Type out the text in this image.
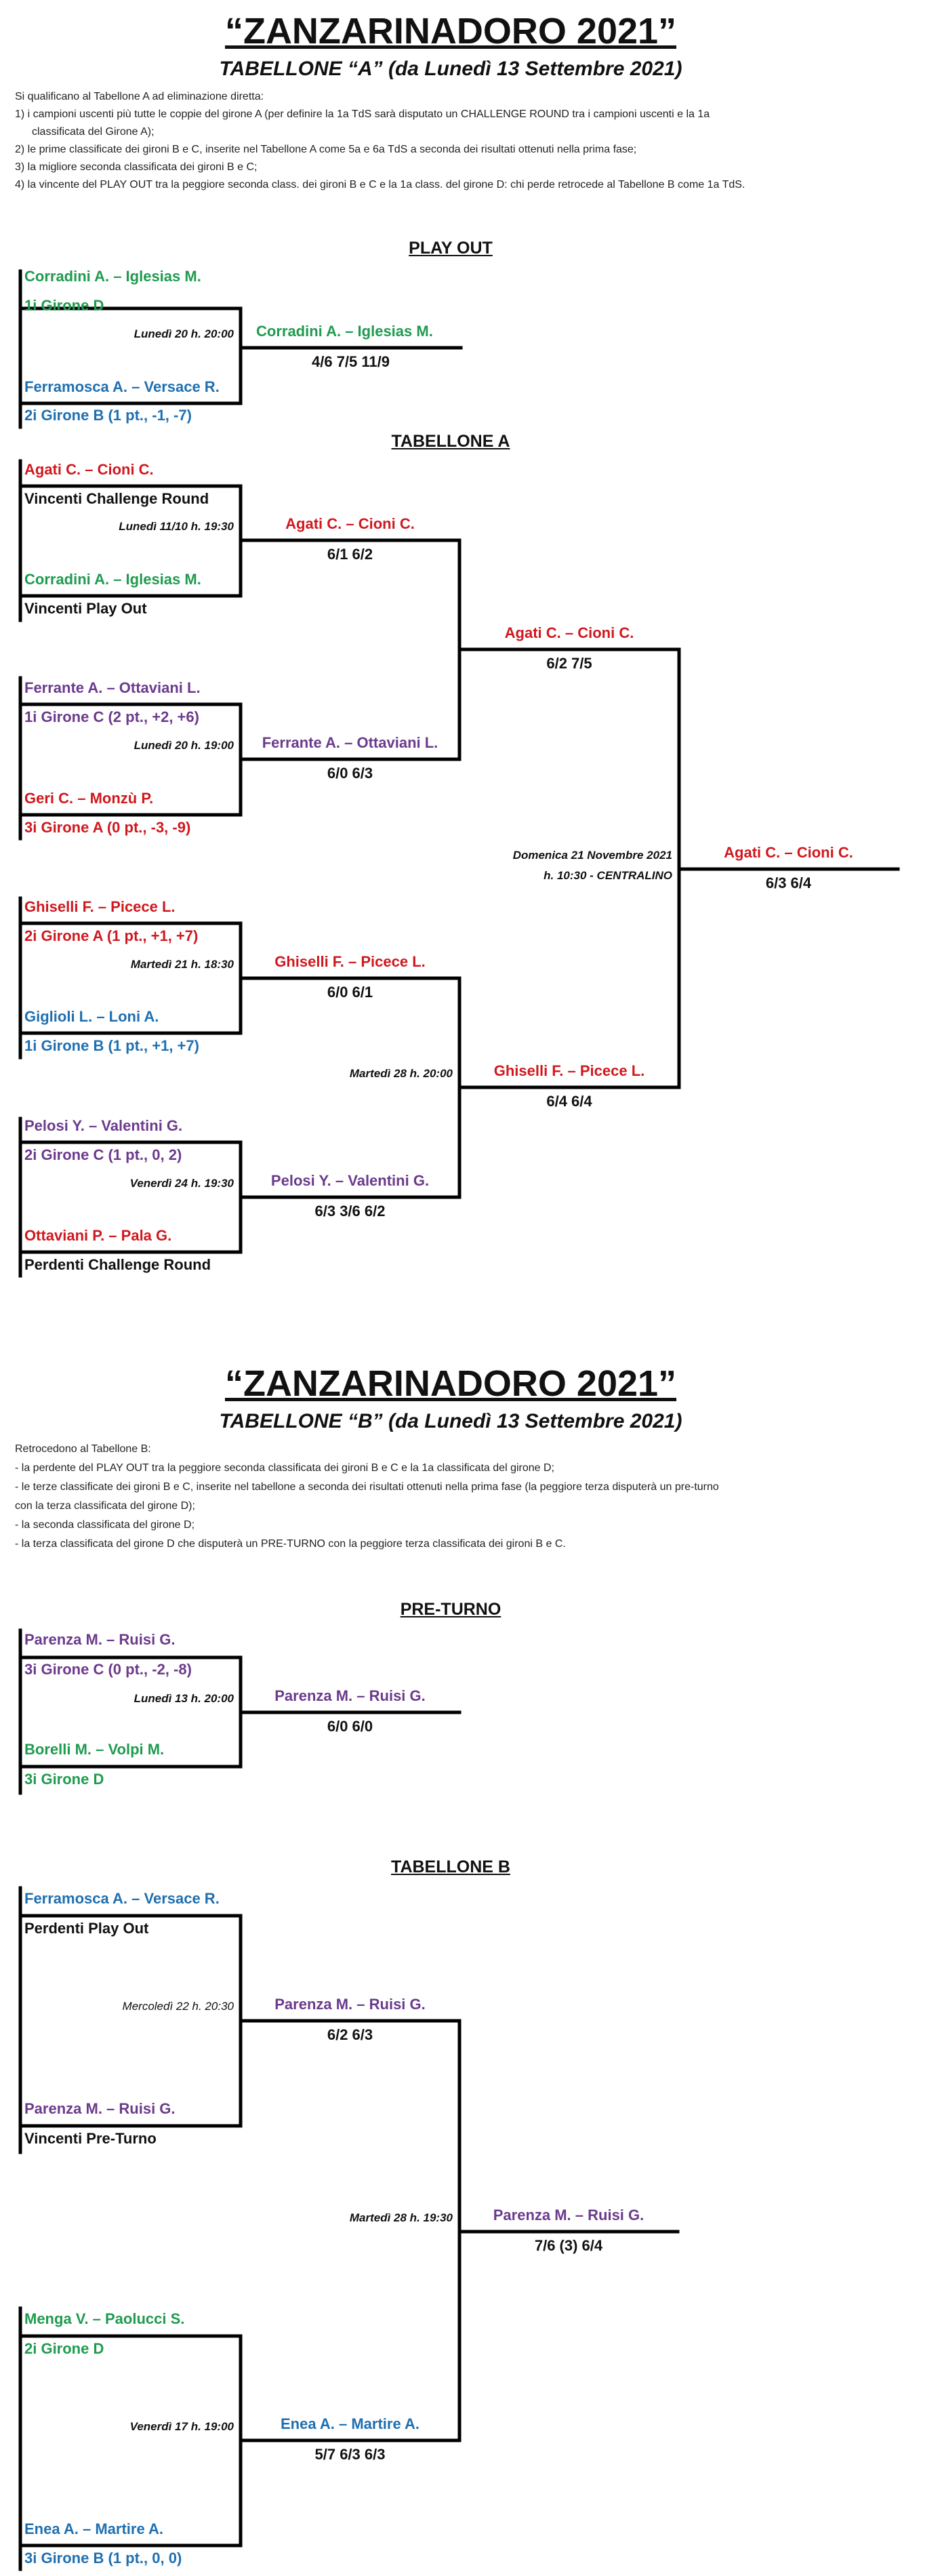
“ZANZARINADORO 2021”
TABELLONE “A” (da Lunedì 13 Settembre 2021)
Si qualificano al Tabellone A ad eliminazione diretta:
1) i campioni uscenti più tutte le coppie del girone A (per definire la 1a TdS sarà disputato un CHALLENGE ROUND tra i campioni uscenti e la 1a
classificata del Girone A);
2) le prime classificate dei gironi B e C, inserite nel Tabellone A come 5a e 6a TdS a seconda dei risultati ottenuti nella prima fase;
3) la migliore seconda classificata dei gironi B e C;
4) la vincente del PLAY OUT tra la peggiore seconda class. dei gironi B e C e la 1a class. del girone D: chi perde retrocede al Tabellone B come 1a TdS.
PLAY OUT
Corradini A. – Iglesias M.
1i Girone D
Lunedì 20 h. 20:00 Corradini A. – Iglesias M.
4/6 7/5 11/9
Ferramosca A. – Versace R.
2i Girone B (1 pt., -1, -7)
TABELLONE A
Agati C. – Cioni C.
Vincenti Challenge Round
Lunedì 11/10 h. 19:30	Agati C. – Cioni C.
6/1 6/2
Corradini A. – Iglesias M.
Vincenti Play Out
Ferrante A. – Ottaviani L.
1i Girone C (2 pt., +2, +6)
Lunedì 20 h. 19:00	Ferrante A. – Ottaviani L.
6/0 6/3
Geri C. – Monzù P.
3i Girone A (0 pt., -3, -9)
Agati C. – Cioni C.
6/2 7/5
Ghiselli F. – Picece L.
2i Girone A (1 pt., +1, +7)
Martedì 21 h. 18:30	Ghiselli F. – Picece L.
6/0 6/1
Giglioli L. – Loni A.
1i Girone B (1 pt., +1, +7)
Pelosi Y. – Valentini G.
2i Girone C (1 pt., 0, 2)
Venerdì 24 h. 19:30	Pelosi Y. – Valentini G.
6/3 3/6 6/2
Ottaviani P. – Pala G.
Perdenti Challenge Round
Martedì 28 h. 20:00	Ghiselli F. – Picece L.
6/4 6/4
Domenica 21 Novembre 2021
h. 10:30 - CENTRALINO
Agati C. – Cioni C.
6/3 6/4
“ZANZARINADORO 2021”
TABELLONE “B” (da Lunedì 13 Settembre 2021)
Retrocedono al Tabellone B:
- la perdente del PLAY OUT tra la peggiore seconda classificata dei gironi B e C e la 1a classificata del girone D;
- le terze classificate dei gironi B e C, inserite nel tabellone a seconda dei risultati ottenuti nella prima fase (la peggiore terza disputerà un pre-turno
con la terza classificata del girone D);
- la seconda classificata del girone D;
- la terza classificata del girone D che disputerà un PRE-TURNO con la peggiore terza classificata dei gironi B e C.
PRE-TURNO
Parenza M. – Ruisi G.
3i Girone C (0 pt., -2, -8)
Lunedì 13 h. 20:00	Parenza M. – Ruisi G.
6/0 6/0
Borelli M. – Volpi M.
3i Girone D
TABELLONE B
Ferramosca A. – Versace R.
Perdenti Play Out
Mercoledì 22 h. 20:30	Parenza M. – Ruisi G.
6/2 6/3
Parenza M. – Ruisi G.
Vincenti Pre-Turno
Menga V. – Paolucci S.
2i Girone D
Venerdì 17 h. 19:00	Enea A. – Martire A.
5/7 6/3 6/3
Enea A. – Martire A.
3i Girone B (1 pt., 0, 0)
Martedì 28 h. 19:30	Parenza M. – Ruisi G.
7/6 (3) 6/4
